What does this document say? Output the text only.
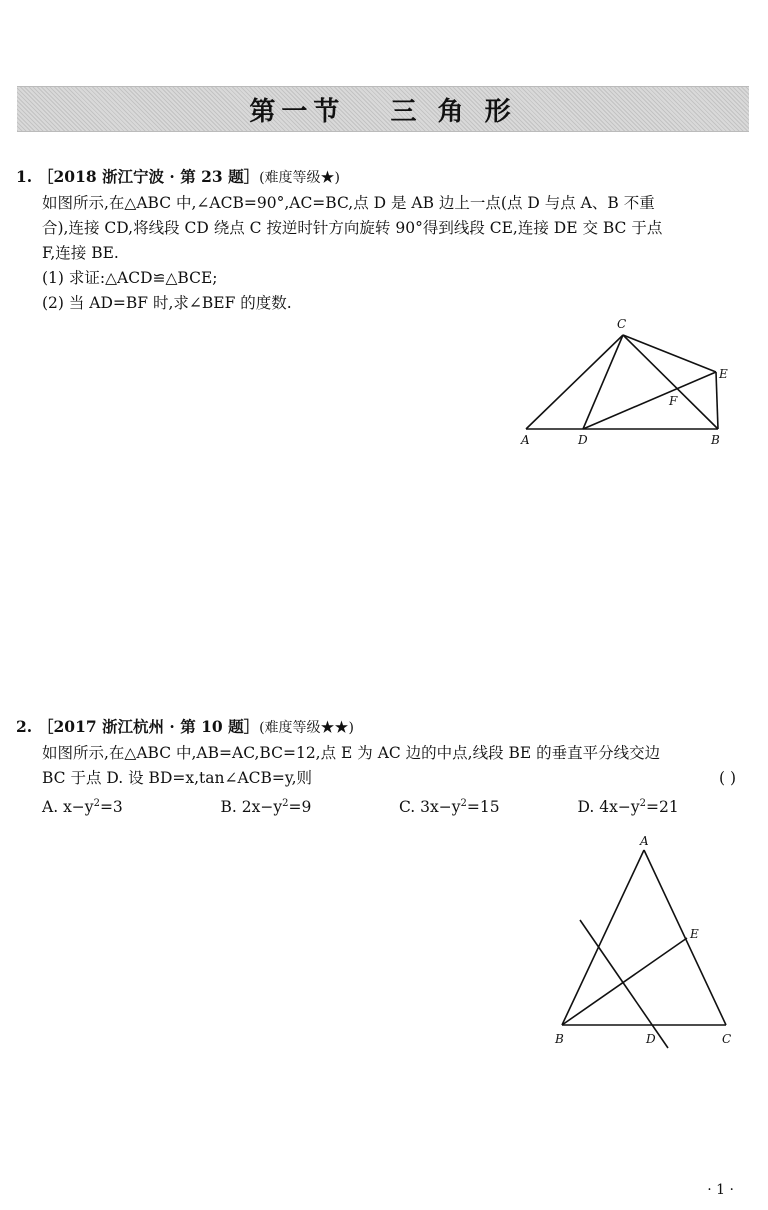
第一节   三 角 形
1. ［2018 浙江宁波 · 第 23 题］ (难度等级★)
如图所示,在△ABC 中,∠ACB=90°,AC=BC,点 D 是 AB 边上一点(点 D 与点 A、B 不重
合),连接 CD,将线段 CD 绕点 C 按逆时针方向旋转 90°得到线段 CE,连接 DE 交 BC 于点
F,连接 BE.
(1) 求证:△ACD≌△BCE;
(2) 当 AD=BF 时,求∠BEF 的度数.
C
E
F
A	D	B
2. ［2017 浙江杭州 · 第 10 题］ (难度等级★★)
如图所示,在△ABC 中,AB=AC,BC=12,点 E 为 AC 边的中点,线段 BE 的垂直平分线交边
BC 于点 D. 设 BD=x,tan∠ACB=y,则	( )
A. $x-y^2=3$	B. $2x-y^2=9$	C. $3x-y^2=15$	D. $4x-y^2=21$
A
E
B	D	C
· 1 ·
